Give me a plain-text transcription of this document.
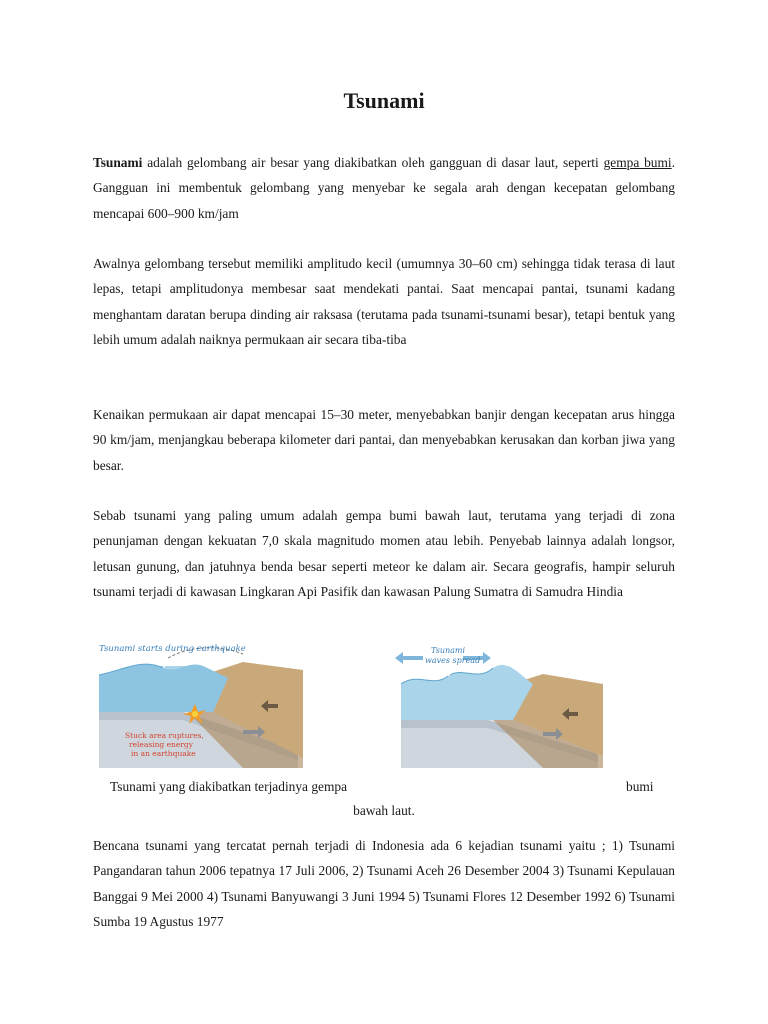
Tsunami

Tsunami adalah gelombang air besar yang diakibatkan oleh gangguan di dasar laut, seperti gempa bumi. Gangguan ini membentuk gelombang yang menyebar ke segala arah dengan kecepatan gelombang mencapai 600–900 km/jam

Awalnya gelombang tersebut memiliki amplitudo kecil (umumnya 30–60 cm) sehingga tidak terasa di laut lepas, tetapi amplitudonya membesar saat mendekati pantai. Saat mencapai pantai, tsunami kadang menghantam daratan berupa dinding air raksasa (terutama pada tsunami-tsunami besar), tetapi bentuk yang lebih umum adalah naiknya permukaan air secara tiba-tiba

Kenaikan permukaan air dapat mencapai 15–30 meter, menyebabkan banjir dengan kecepatan arus hingga 90 km/jam, menjangkau beberapa kilometer dari pantai, dan menyebabkan kerusakan dan korban jiwa yang besar.

Sebab tsunami yang paling umum adalah gempa bumi bawah laut, terutama yang terjadi di zona penunjaman dengan kekuatan 7,0 skala magnitudo momen atau lebih. Penyebab lainnya adalah longsor, letusan gunung, dan jatuhnya benda besar seperti meteor ke dalam air. Secara geografis, hampir seluruh tsunami terjadi di kawasan Lingkaran Api Pasifik dan kawasan Palung Sumatra di Samudra Hindia

Tsunami starts during earthquake
Stuck area ruptures,
releasing energy
in an earthquake
Tsunami
waves spread
Tsunami yang diakibatkan terjadinya gempa	bumi
bawah laut.

Bencana tsunami yang tercatat pernah terjadi di Indonesia ada 6 kejadian tsunami yaitu ; 1) Tsunami Pangandaran tahun 2006 tepatnya 17 Juli 2006, 2) Tsunami Aceh 26 Desember 2004 3) Tsunami Kepulauan Banggai 9 Mei 2000 4) Tsunami Banyuwangi 3 Juni 1994 5) Tsunami Flores 12 Desember 1992 6) Tsunami Sumba 19 Agustus 1977
